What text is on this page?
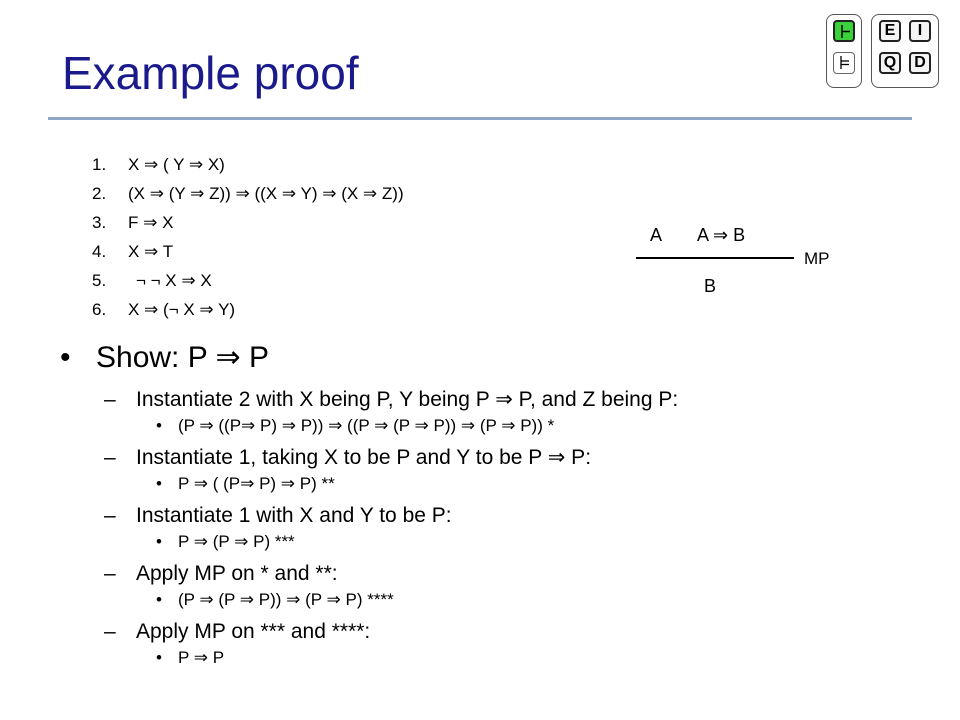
E	I
Q	D
Example proof
1.	X ⇒ ( Y ⇒ X)
2.	(X ⇒ (Y ⇒ Z)) ⇒ ((X ⇒ Y) ⇒ (X ⇒ Z))
3.	F ⇒ X
4.	X ⇒ T
5.	¬ ¬ X ⇒ X
6.	X ⇒ (¬ X ⇒ Y)
A A ⇒ B
MP
B
• Show: P ⇒ P
– Instantiate 2 with X being P, Y being P ⇒ P, and Z being P:
• (P ⇒ ((P⇒ P) ⇒ P)) ⇒ ((P ⇒ (P ⇒ P)) ⇒ (P ⇒ P)) *
– Instantiate 1, taking X to be P and Y to be P ⇒ P:
• P ⇒ ( (P⇒ P) ⇒ P) **
– Instantiate 1 with X and Y to be P:
• P ⇒ (P ⇒ P) ***
– Apply MP on * and **:
• (P ⇒ (P ⇒ P)) ⇒ (P ⇒ P) ****
– Apply MP on *** and ****:
• P ⇒ P
